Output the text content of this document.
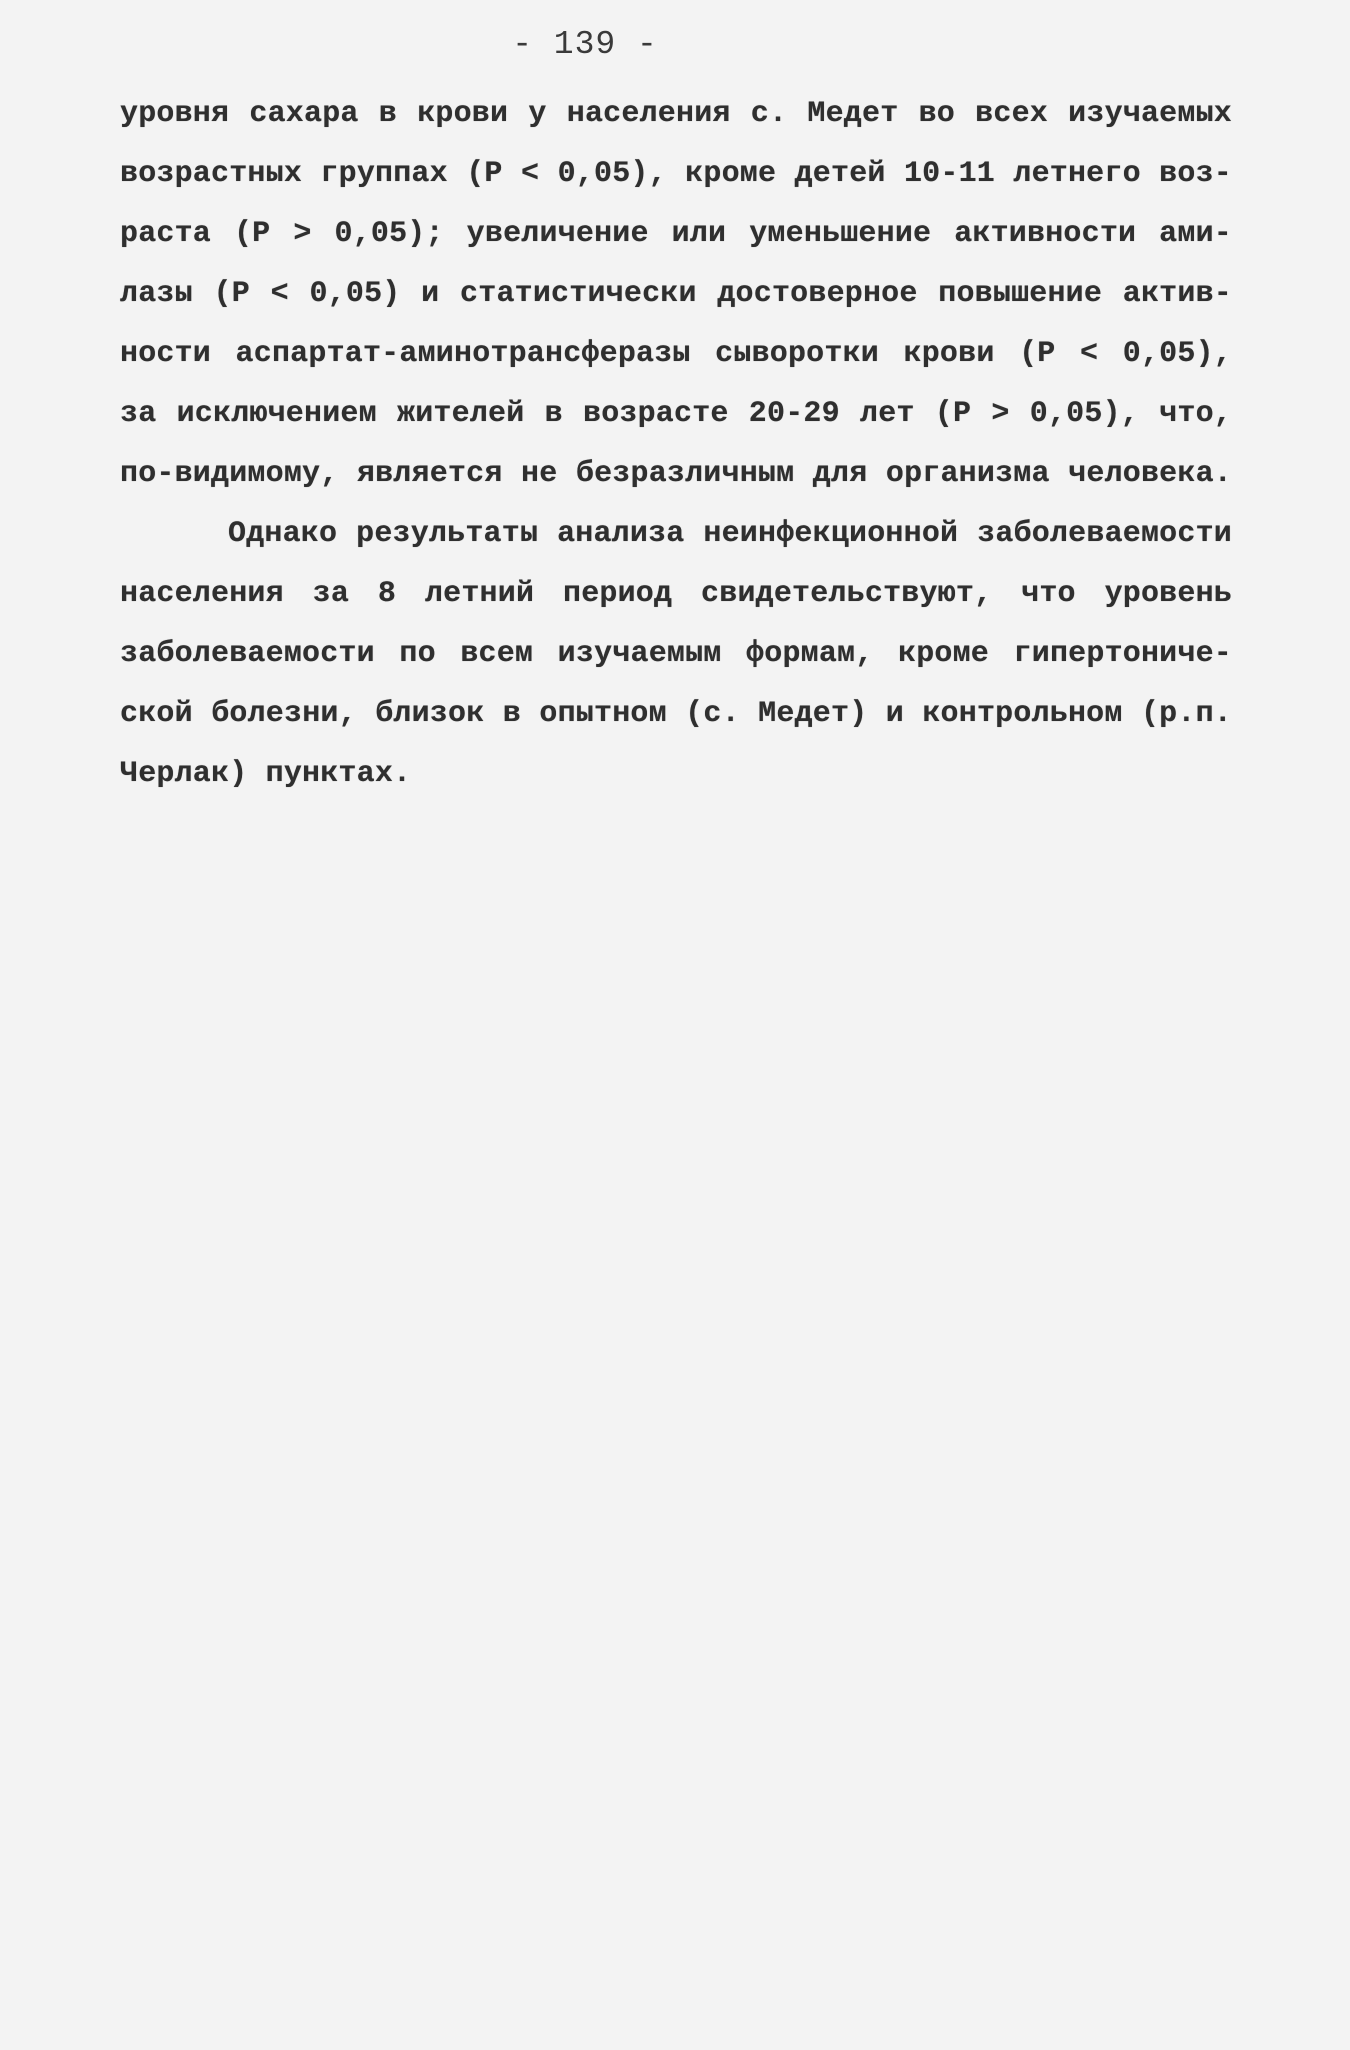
- 139 -
уровня сахара в крови у населения с. Медет во всех изучаемых
возрастных группах (Р < 0,05), кроме детей 10-11 летнего воз-
раста (Р > 0,05); увеличение или уменьшение активности ами-
лазы (Р < 0,05) и статистически достоверное повышение актив-
ности аспартат-аминотрансферазы сыворотки крови (Р < 0,05),
за исключением жителей в возрасте 20-29 лет (Р > 0,05), что,
по-видимому, является не безразличным для организма человека.
Однако результаты анализа неинфекционной заболеваемости
населения за 8 летний период свидетельствуют, что уровень
заболеваемости по всем изучаемым формам, кроме гипертониче-
ской болезни, близок в опытном (с. Медет) и контрольном (р.п.
Черлак) пунктах.
